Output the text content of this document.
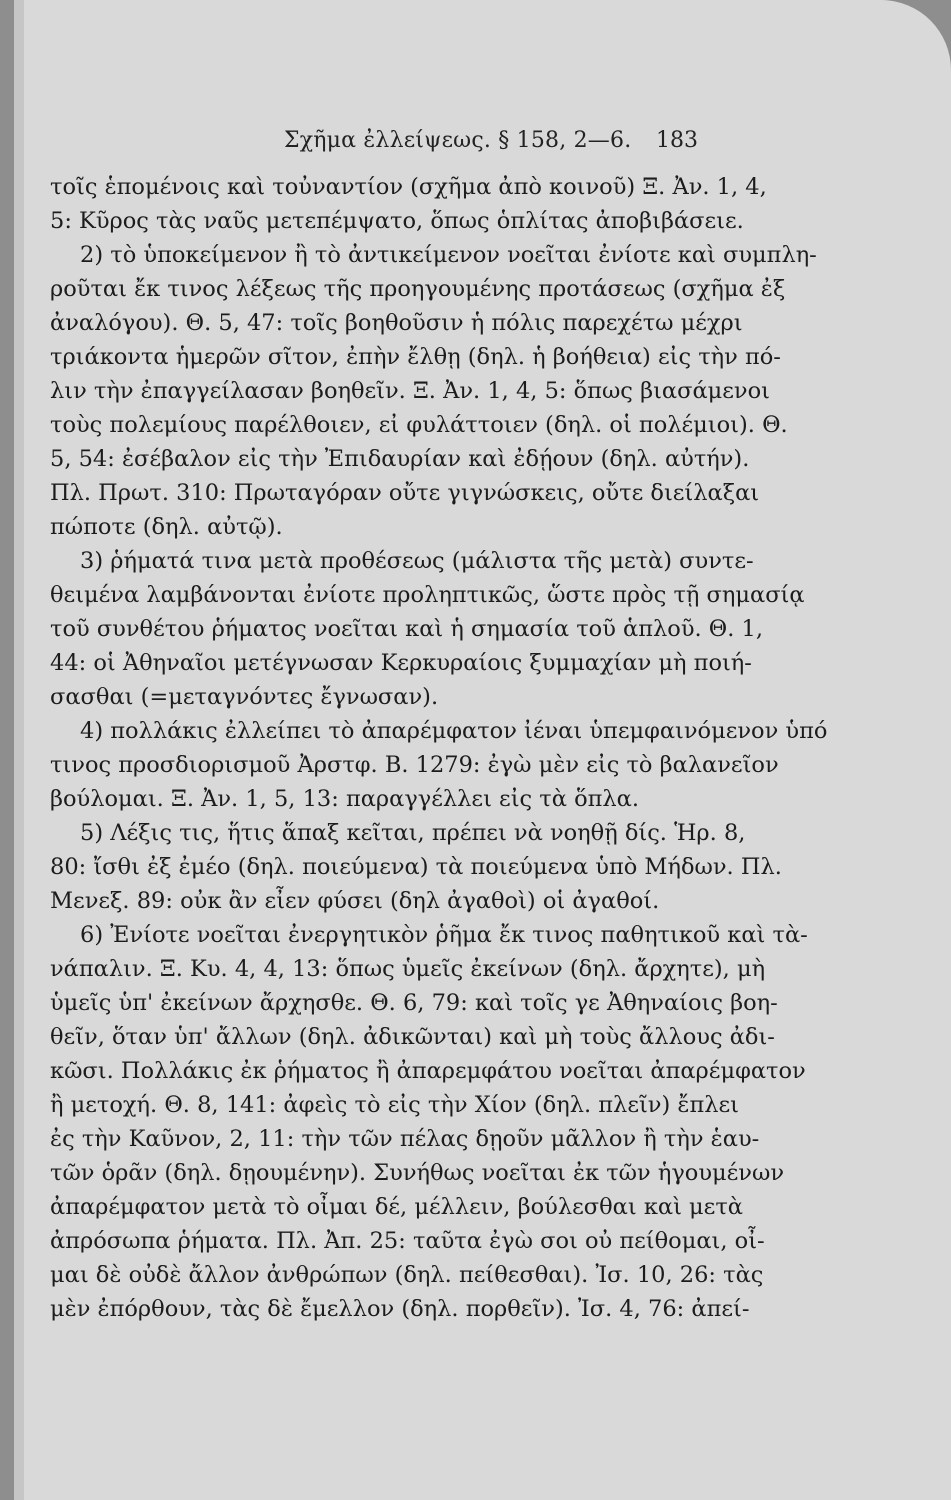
Σχῆμα ἐλλείψεως. § 158, 2—6. 183
τοῖς ἑπομένοις καὶ τοὐναντίον (σχῆμα ἀπὸ κοινοῦ) Ξ. Ἀν. 1, 4,
5: Κῦρος τὰς ναῦς μετεπέμψατο, ὅπως ὁπλίτας ἀποβιβάσειε.
2) τὸ ὑποκείμενον ἢ τὸ ἀντικείμενον νοεῖται ἐνίοτε καὶ συμπλη-
ροῦται ἔκ τινος λέξεως τῆς προηγουμένης προτάσεως (σχῆμα ἐξ
ἀναλόγου). Θ. 5, 47: τοῖς βοηθοῦσιν ἡ πόλις παρεχέτω μέχρι
τριάκοντα ἡμερῶν σῖτον, ἐπὴν ἔλθῃ (δηλ. ἡ βοήθεια) εἰς τὴν πό-
λιν τὴν ἐπαγγείλασαν βοηθεῖν. Ξ. Ἀν. 1, 4, 5: ὅπως βιασάμενοι
τοὺς πολεμίους παρέλθοιεν, εἰ φυλάττοιεν (δηλ. οἱ πολέμιοι). Θ.
5, 54: ἐσέβαλον εἰς τὴν Ἐπιδαυρίαν καὶ ἐδῄουν (δηλ. αὐτήν).
Πλ. Πρωτ. 310: Πρωταγόραν οὔτε γιγνώσκεις, οὔτε διείλαξαι
πώποτε (δηλ. αὐτῷ).
3) ῥήματά τινα μετὰ προθέσεως (μάλιστα τῆς μετὰ) συντε-
θειμένα λαμβάνονται ἐνίοτε προληπτικῶς, ὥστε πρὸς τῇ σημασίᾳ
τοῦ συνθέτου ῥήματος νοεῖται καὶ ἡ σημασία τοῦ ἁπλοῦ. Θ. 1,
44: οἱ Ἀθηναῖοι μετέγνωσαν Κερκυραίοις ξυμμαχίαν μὴ ποιή-
σασθαι (=μεταγνόντες ἔγνωσαν).
4) πολλάκις ἐλλείπει τὸ ἀπαρέμφατον ἰέναι ὑπεμφαινόμενον ὑπό
τινος προσδιορισμοῦ Ἀρστφ. Β. 1279: ἐγὼ μὲν εἰς τὸ βαλανεῖον
βούλομαι. Ξ. Ἀν. 1, 5, 13: παραγγέλλει εἰς τὰ ὅπλα.
5) Λέξις τις, ἥτις ἅπαξ κεῖται, πρέπει νὰ νοηθῇ δίς. Ἡρ. 8,
80: ἴσθι ἐξ ἐμέο (δηλ. ποιεύμενα) τὰ ποιεύμενα ὑπὸ Μήδων. Πλ.
Μενεξ. 89: οὐκ ἂν εἶεν φύσει (δηλ ἀγαθοὶ) οἱ ἀγαθοί.
6) Ἐνίοτε νοεῖται ἐνεργητικὸν ῥῆμα ἔκ τινος παθητικοῦ καὶ τὰ-
νάπαλιν. Ξ. Κυ. 4, 4, 13: ὅπως ὑμεῖς ἐκείνων (δηλ. ἄρχητε), μὴ
ὑμεῖς ὑπ' ἐκείνων ἄρχησθε. Θ. 6, 79: καὶ τοῖς γε Ἀθηναίοις βοη-
θεῖν, ὅταν ὑπ' ἄλλων (δηλ. ἀδικῶνται) καὶ μὴ τοὺς ἄλλους ἀδι-
κῶσι. Πολλάκις ἐκ ῥήματος ἢ ἀπαρεμφάτου νοεῖται ἀπαρέμφατον
ἢ μετοχή. Θ. 8, 141: ἀφεὶς τὸ εἰς τὴν Χίον (δηλ. πλεῖν) ἔπλει
ἐς τὴν Καῦνον, 2, 11: τὴν τῶν πέλας δῃοῦν μᾶλλον ἢ τὴν ἑαυ-
τῶν ὁρᾶν (δηλ. δῃουμένην). Συνήθως νοεῖται ἐκ τῶν ἡγουμένων
ἀπαρέμφατον μετὰ τὸ οἶμαι δέ, μέλλειν, βούλεσθαι καὶ μετὰ
ἀπρόσωπα ῥήματα. Πλ. Ἀπ. 25: ταῦτα ἐγὼ σοι οὐ πείθομαι, οἶ-
μαι δὲ οὐδὲ ἄλλον ἀνθρώπων (δηλ. πείθεσθαι). Ἰσ. 10, 26: τὰς
μὲν ἐπόρθουν, τὰς δὲ ἔμελλον (δηλ. πορθεῖν). Ἰσ. 4, 76: ἀπεί-
